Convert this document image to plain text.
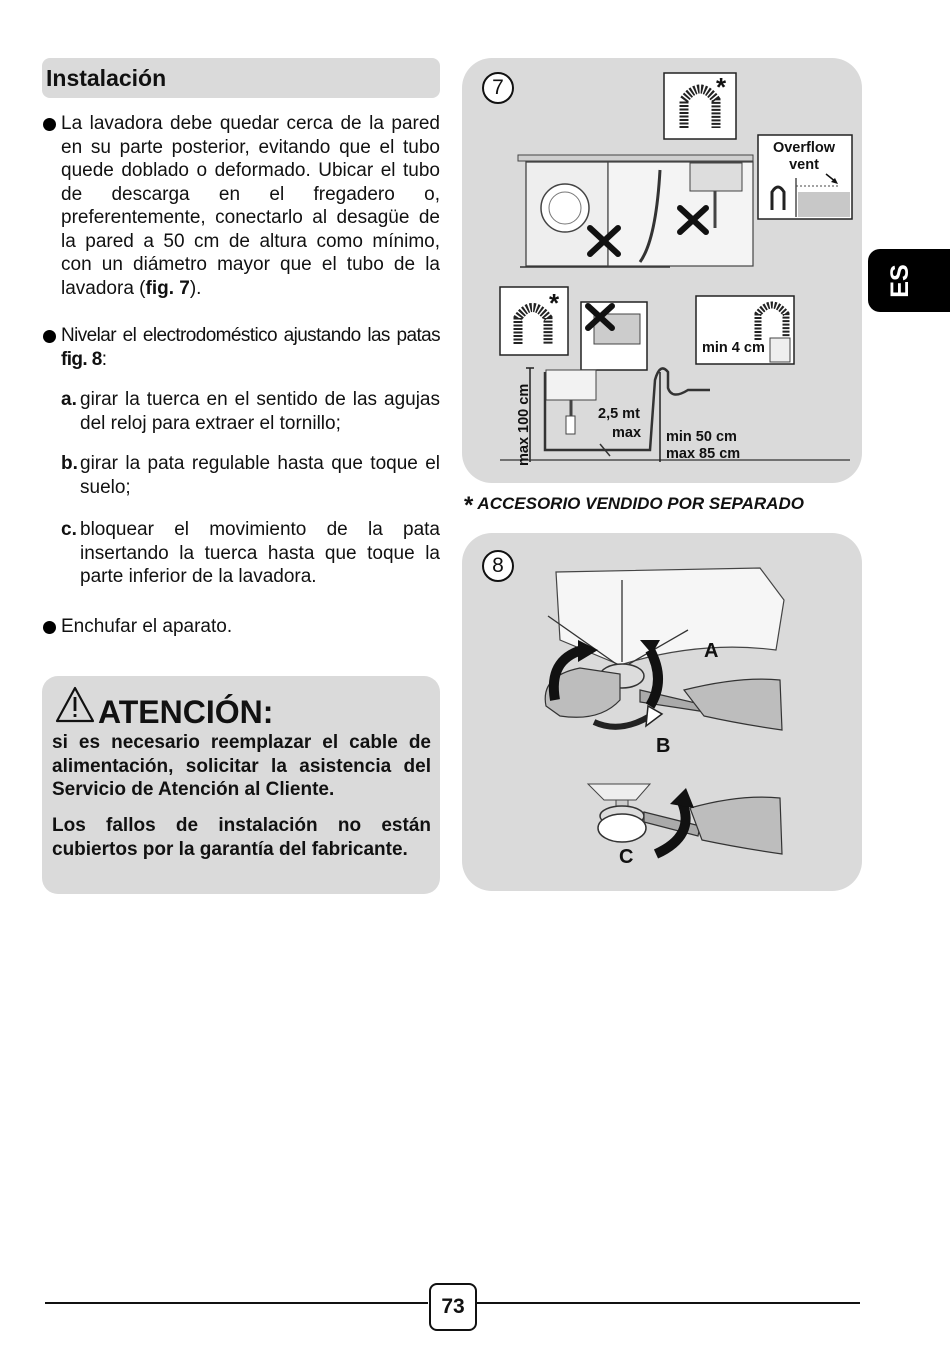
Instalación
La lavadora debe quedar cerca de la pared en su parte posterior, evitando que el tubo quede doblado o deformado. Ubicar el tubo de descarga en el fregadero o, preferentemente, conectarlo al desagüe de la pared a 50 cm de altura como mínimo, con un diámetro mayor que el tubo de la lavadora (fig. 7).
Nivelar el electrodoméstico ajustando las patas fig. 8:
a. girar la tuerca en el sentido de las agujas del reloj para extraer el tornillo;
b. girar la pata regulable hasta que toque el suelo;
c. bloquear el movimiento de la pata insertando la tuerca hasta que toque la parte inferior de la lavadora.
Enchufar el aparato.
ATENCIÓN:
si es necesario reemplazar el cable de alimentación, solicitar la asistencia del Servicio de Atención al Cliente.
Los fallos de instalación no están cubiertos por la garantía del fabricante.
*
Overflow
vent
*
min 4 cm
max 100 cm	2,5 mt
max min 50 cm
max 85 cm
7
* ACCESORIO VENDIDO POR SEPARADO
A
B
C
8
ES
73
